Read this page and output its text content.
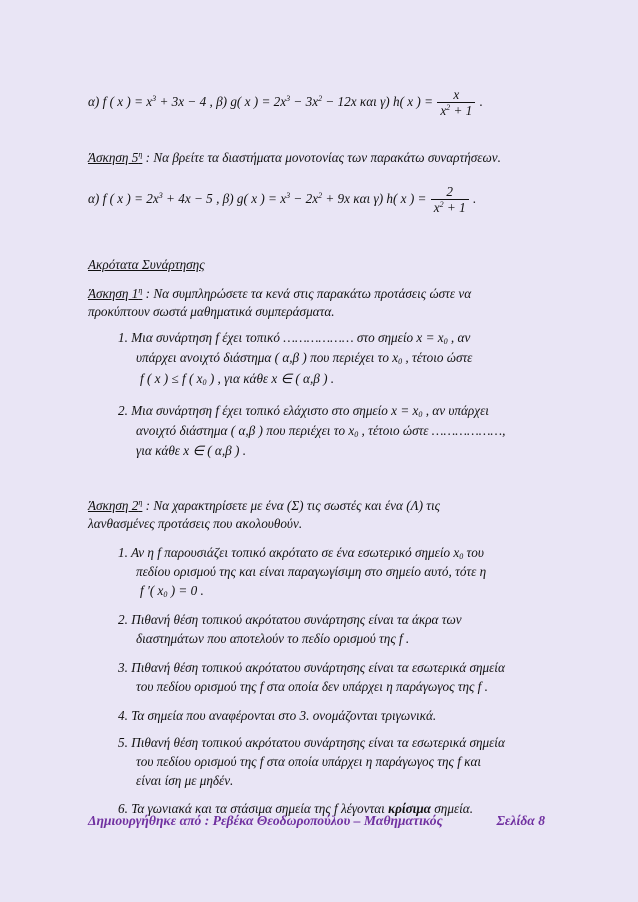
α) f ( x ) = $x^3 + 3x - 4$ , β) g( x ) = $2x^3 - 3x^2 - 12x$ και γ) h( x ) = $\frac{x}{x^2 + 1}$ .
Άσκηση $5^\eta$ : Να βρείτε τα διαστήματα μονοτονίας των παρακάτω συναρτήσεων.
α) f ( x ) = $2x^3 + 4x - 5$ , β) g( x ) = $x^3 - 2x^2 + 9x$ και γ) h( x ) = $\frac{2}{x^2 + 1}$ .
Ακρότατα Συνάρτησης
Άσκηση $1^\eta$ : Να συμπληρώσετε τα κενά στις παρακάτω προτάσεις ώστε να
προκύπτουν σωστά μαθηματικά συμπεράσματα.
1. Μια συνάρτηση f έχει τοπικό ……………… στο σημείο $x = x_0$ , αν
υπάρχει ανοιχτό διάστημα ( α,β ) που περιέχει το $x_0$ , τέτοιο ώστε
f ( x ) ≤ f ( $x_0$ ) , για κάθε x ∈ ( α,β ) .
2. Μια συνάρτηση f έχει τοπικό ελάχιστο στο σημείο $x = x_0$ , αν υπάρχει
ανοιχτό διάστημα ( α,β ) που περιέχει το $x_0$ , τέτοιο ώστε ………………,
για κάθε x ∈ ( α,β ) .
Άσκηση $2^\eta$ : Να χαρακτηρίσετε με ένα (Σ) τις σωστές και ένα (Λ) τις
λανθασμένες προτάσεις που ακολουθούν.
1. Αν η f παρουσιάζει τοπικό ακρότατο σε ένα εσωτερικό σημείο $x_0$ του
πεδίου ορισμού της και είναι παραγωγίσιμη στο σημείο αυτό, τότε η
f ′( $x_0$ ) = 0 .
2. Πιθανή θέση τοπικού ακρότατου συνάρτησης είναι τα άκρα των
διαστημάτων που αποτελούν το πεδίο ορισμού της f .
3. Πιθανή θέση τοπικού ακρότατου συνάρτησης είναι τα εσωτερικά σημεία
του πεδίου ορισμού της f στα οποία δεν υπάρχει η παράγωγος της f .
4. Τα σημεία που αναφέρονται στο 3. ονομάζονται τριγωνικά.
5. Πιθανή θέση τοπικού ακρότατου συνάρτησης είναι τα εσωτερικά σημεία
του πεδίου ορισμού της f στα οποία υπάρχει η παράγωγος της f και
είναι ίση με μηδέν.
6. Τα γωνιακά και τα στάσιμα σημεία της f λέγονται κρίσιμα σημεία.
Δημιουργήθηκε από : Ρεβέκα Θεοδωροπούλου – Μαθηματικός	Σελίδα 8
